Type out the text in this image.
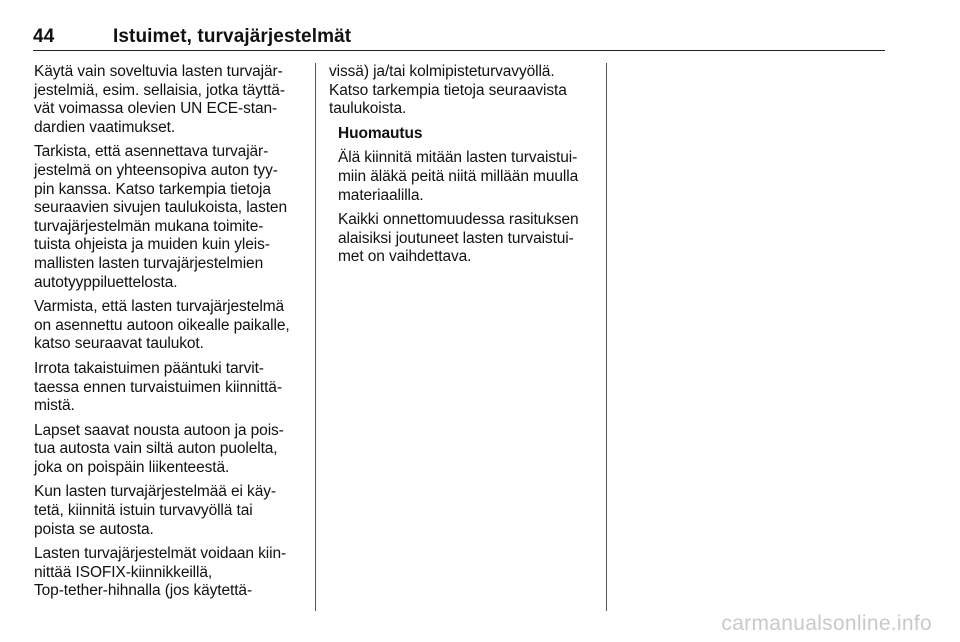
44	Istuimet, turvajärjestelmät

Käytä vain soveltuvia lasten turvajär-
jestelmiä, esim. sellaisia, jotka täyttä-
vät voimassa olevien UN ECE-stan-
dardien vaatimukset.

Tarkista, että asennettava turvajär-
jestelmä on yhteensopiva auton tyy-
pin kanssa. Katso tarkempia tietoja
seuraavien sivujen taulukoista, lasten
turvajärjestelmän mukana toimite-
tuista ohjeista ja muiden kuin yleis-
mallisten lasten turvajärjestelmien
autotyyppiluettelosta.

Varmista, että lasten turvajärjestelmä
on asennettu autoon oikealle paikalle,
katso seuraavat taulukot.

Irrota takaistuimen pääntuki tarvit-
taessa ennen turvaistuimen kiinnittä-
mistä.

Lapset saavat nousta autoon ja pois-
tua autosta vain siltä auton puolelta,
joka on poispäin liikenteestä.

Kun lasten turvajärjestelmää ei käy-
tetä, kiinnitä istuin turvavyöllä tai
poista se autosta.

Lasten turvajärjestelmät voidaan kiin-
nittää ISOFIX-kiinnikkeillä,
Top-tether-hihnalla (jos käytettä-

vissä) ja/tai kolmipisteturvavyöllä.
Katso tarkempia tietoja seuraavista
taulukoista.

Huomautus

Älä kiinnitä mitään lasten turvaistui-
miin äläkä peitä niitä millään muulla
materiaalilla.

Kaikki onnettomuudessa rasituksen
alaisiksi joutuneet lasten turvaistui-
met on vaihdettava.

carmanualsonline.info
